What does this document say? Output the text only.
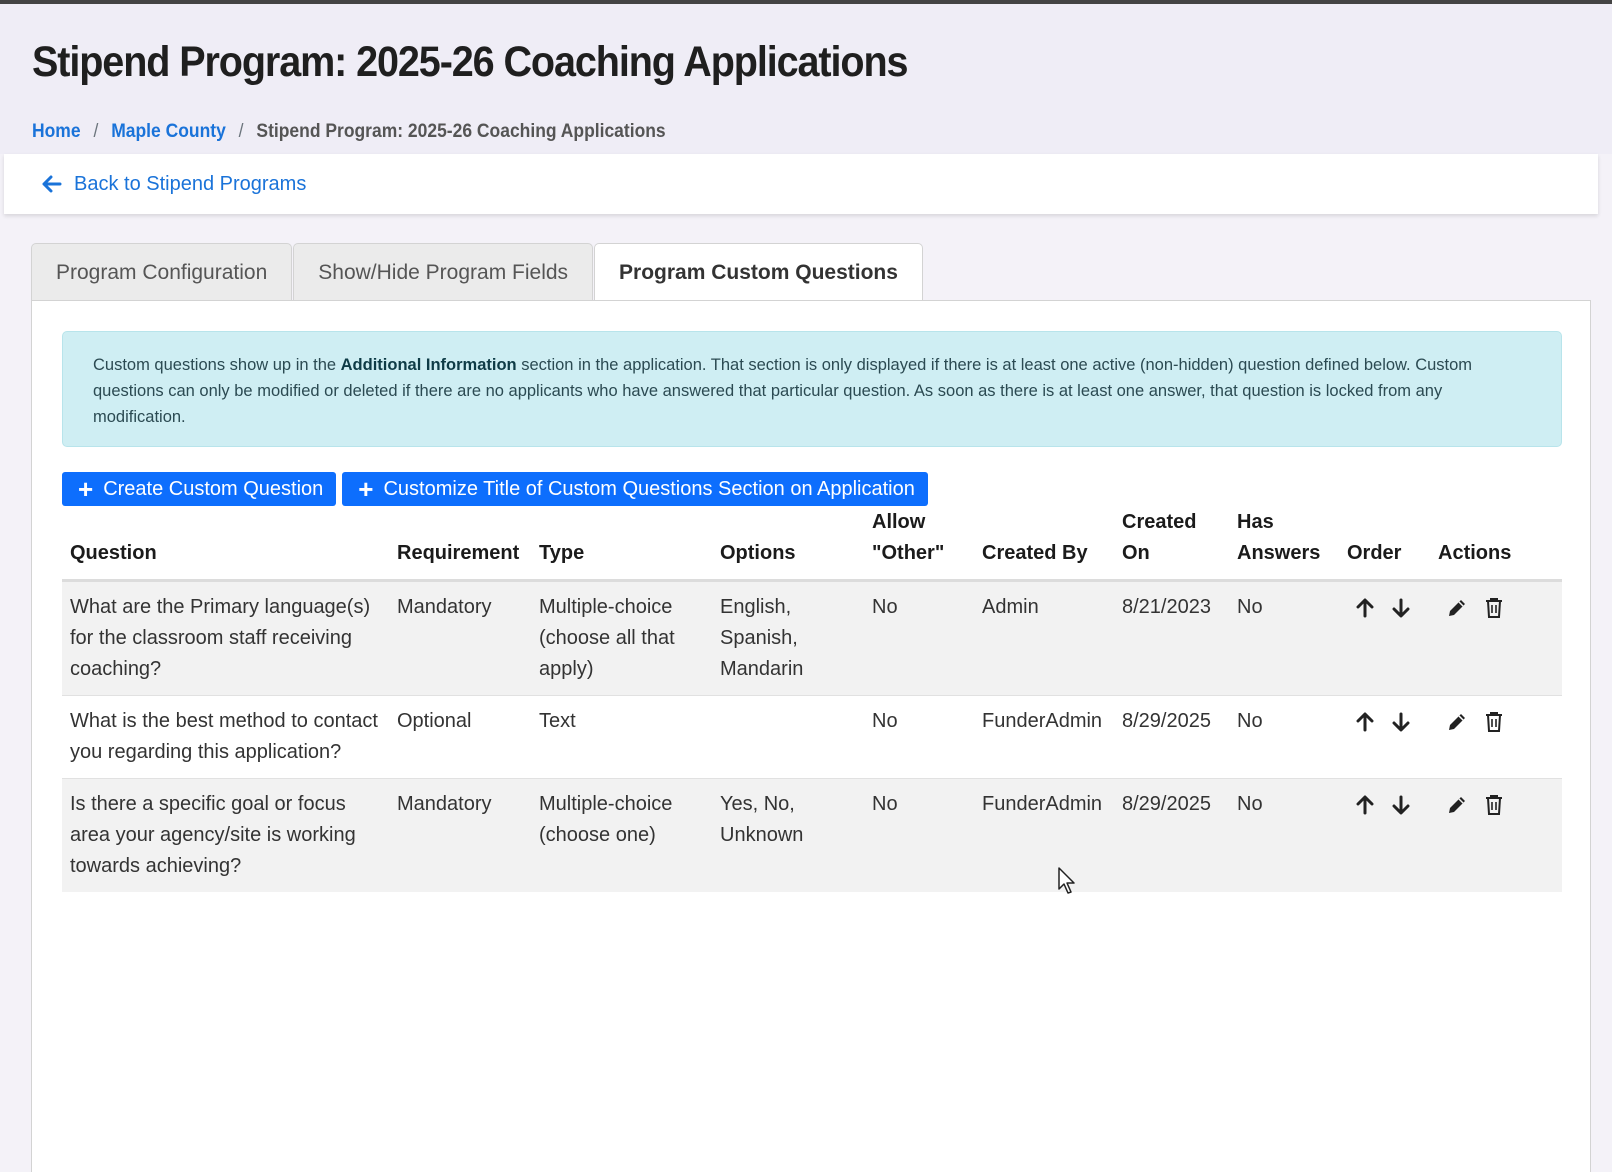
Stipend Program: 2025-26 Coaching Applications
Home / Maple County / Stipend Program: 2025-26 Coaching Applications
Back to Stipend Programs
Program Configuration	Show/Hide Program Fields	Program Custom Questions
Custom questions show up in the Additional Information section in the application. That section is only displayed if there is at least one active (non-hidden) question defined below. Custom questions can only be modified or deleted if there are no applicants who have answered that particular question. As soon as there is at least one answer, that question is locked from any modification.
+ Create Custom Question + Customize Title of Custom Questions Section on Application
Question	Requirement	Type	Options	Allow "Other"	Created By	Created On	Has Answers	Order	Actions
What are the Primary language(s) for the classroom staff receiving coaching?	Mandatory	Multiple-choice (choose all that apply)	English, Spanish, Mandarin	No	Admin	8/21/2023	No		
What is the best method to contact you regarding this application?	Optional	Text		No	FunderAdmin	8/29/2025	No		
Is there a specific goal or focus area your agency/site is working towards achieving?	Mandatory	Multiple-choice (choose one)	Yes, No, Unknown	No	FunderAdmin	8/29/2025	No		
